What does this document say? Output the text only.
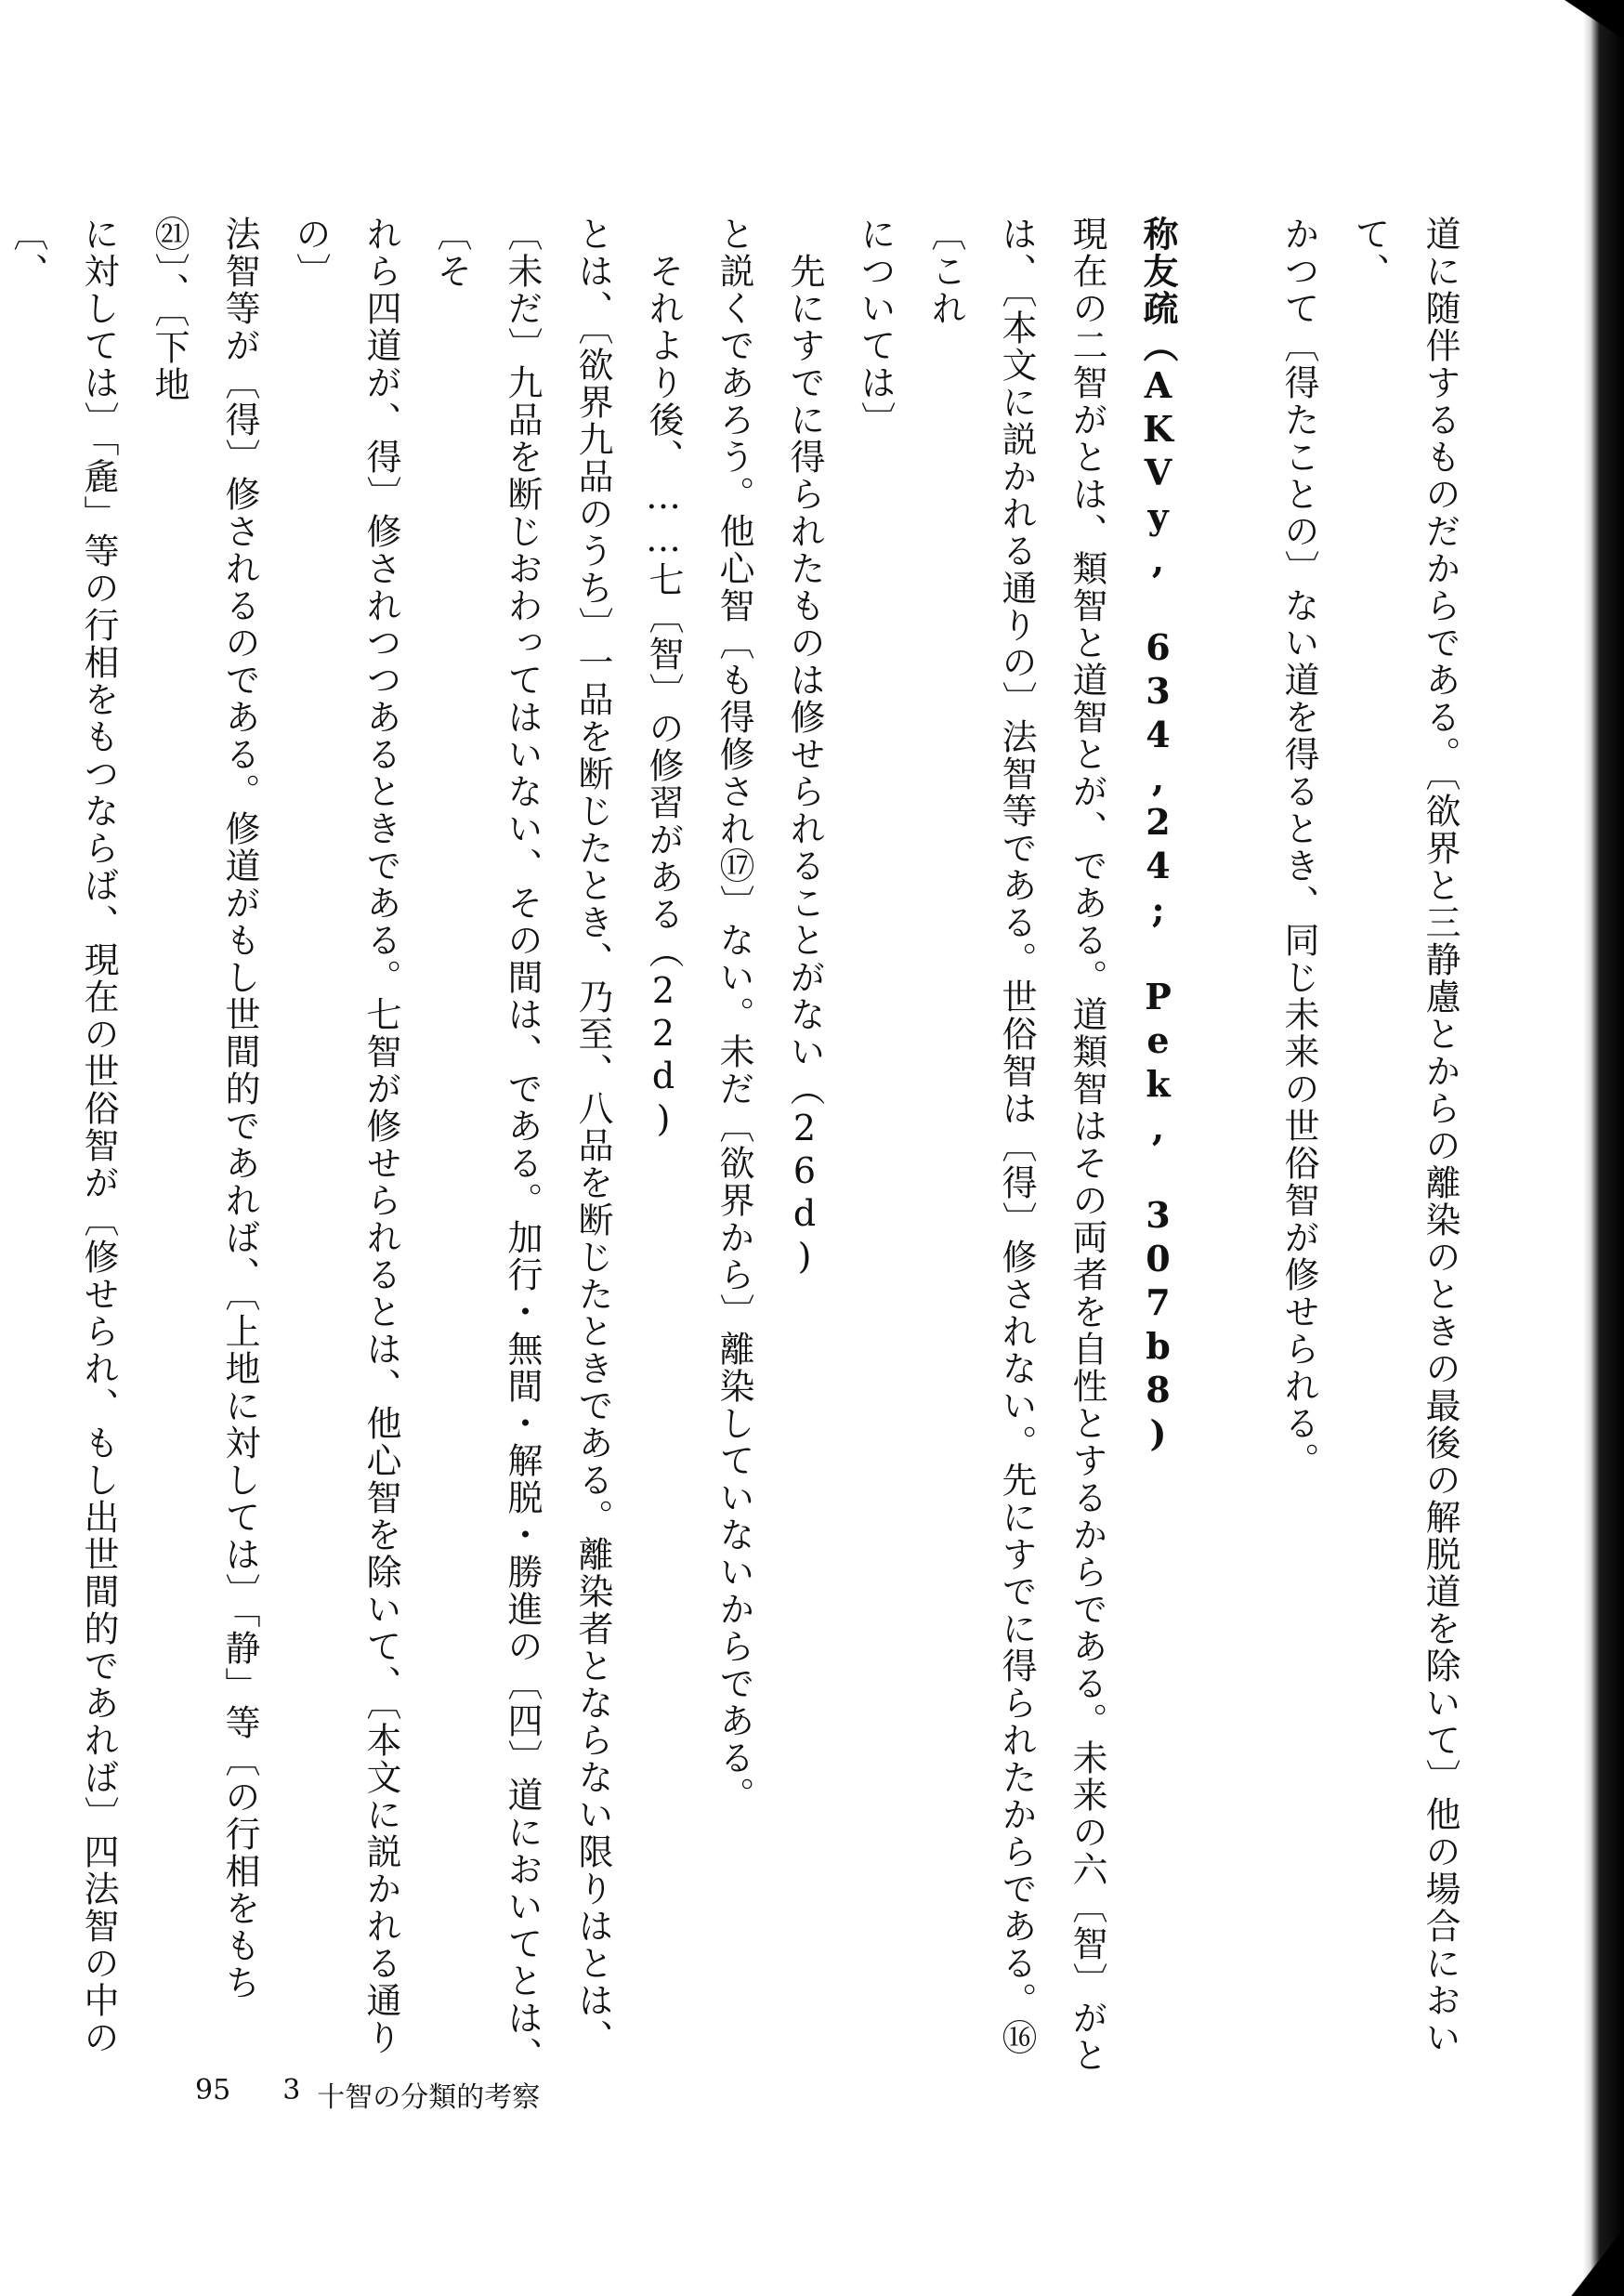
道に随伴するものだからである。〔欲界と三静慮とからの離染のときの最後の解脱道を除いて〕他の場合において、

かつて〔得たことの〕ない道を得るとき、同じ未来の世俗智が修せられる。

称友疏（AKVy, 634,24; Pek, 307b8)

現在の二智がとは、類智と道智とが、である。道類智はその両者を自性とするからである。未来の六〔智〕がと

は、〔本文に説かれる通りの〕法智等である。世俗智は〔得〕修されない。先にすでに得られたからである。⑯〔これ

については〕

　先にすでに得られたものは修せられることがない（26d)

と説くであろう。他心智〔も得修され⑰〕ない。未だ〔欲界から〕離染していないからである。

　それより後、……七〔智〕の修習がある（22d)

とは、〔欲界九品のうち〕一品を断じたとき、乃至、八品を断じたときである。離染者とならない限りはとは、

〔未だ〕九品を断じおわってはいない、その間は、である。加行・無間・解脱・勝進の〔四〕道においてとは、〔そ

れら四道が、得〕修されつつあるときである。七智が修せられるとは、他心智を除いて、〔本文に説かれる通りの〕

法智等が〔得〕修されるのである。修道がもし世間的であれば、〔上地に対しては〕「静」等〔の行相をもち㉑〕、〔下地

に対しては〕「麁」等の行相をもつならば、現在の世俗智が〔修せられ、もし出世間的であれば〕四法智の中の〔、

95 3 十智の分類的考察
